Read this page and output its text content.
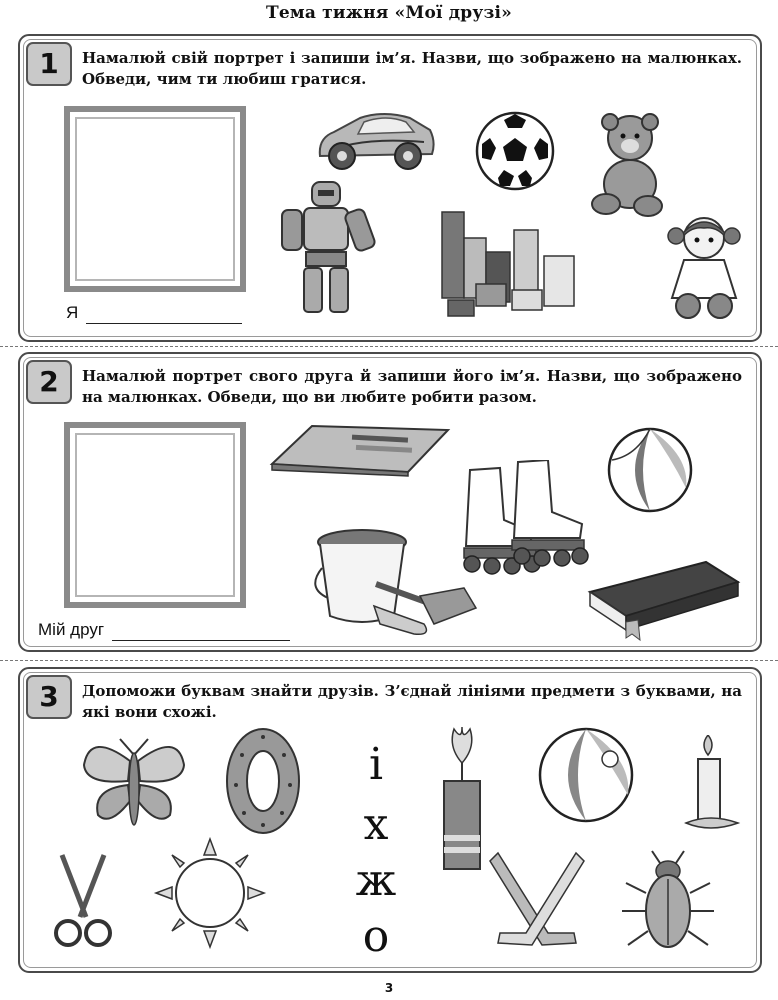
Тема тижня «Мої друзі»
1	Намалюй свій портрет і запиши ім’я. Назви, що зображено на малюнках. Обведи, чим ти любиш гратися.
Я
2	Намалюй портрет свого друга й запиши його ім’я. Назви, що зображено на малюнках. Обведи, що ви любите робити разом.
Мій друг
3	Допоможи буквам знайти друзів. З’єднай лініями предмети з буквами, на які вони схожі.
і
х
ж
о
3
